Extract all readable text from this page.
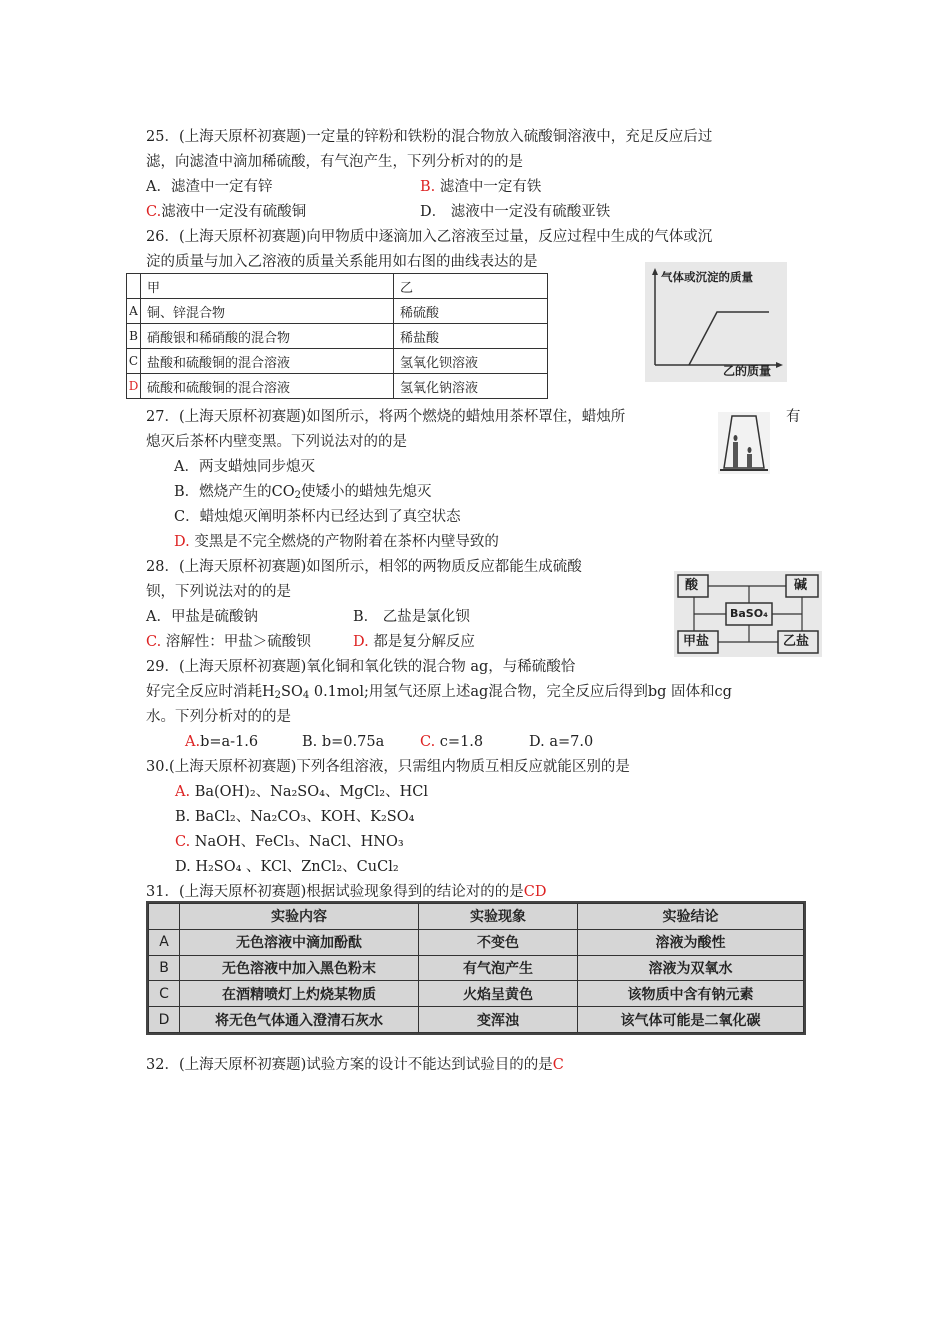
25．(上海天原杯初赛题)一定量的锌粉和铁粉的混合物放入硫酸铜溶液中，充足反应后过
滤，向滤渣中滴加稀硫酸，有气泡产生，下列分析对的的是
A．滤渣中一定有锌	B. 滤渣中一定有铁
C.滤液中一定没有硫酸铜	D． 滤液中一定没有硫酸亚铁
26．(上海天原杯初赛题)向甲物质中逐滴加入乙溶液至过量，反应过程中生成的气体或沉
淀的质量与加入乙溶液的质量关系能用如右图的曲线表达的是
	甲	乙
A	铜、锌混合物	稀硫酸
B	硝酸银和稀硝酸的混合物	稀盐酸
C	盐酸和硫酸铜的混合溶液	氢氧化钡溶液
D	硫酸和硫酸铜的混合溶液	氢氧化钠溶液
气体或沉淀的质量
乙的质量
27．(上海天原杯初赛题)如图所示，将两个燃烧的蜡烛用茶杯罩住，蜡烛所	有
熄灭后茶杯内壁变黑。下列说法对的的是
A．两支蜡烛同步熄灭
B．燃烧产生的$CO_2$使矮小的蜡烛先熄灭
C．蜡烛熄灭阐明茶杯内已经达到了真空状态
D. 变黑是不完全燃烧的产物附着在茶杯内壁导致的
28．(上海天原杯初赛题)如图所示，相邻的两物质反应都能生成硫酸
钡，下列说法对的的是
A．甲盐是硫酸钠	B． 乙盐是氯化钡
C. 溶解性：甲盐＞硫酸钡	D. 都是复分解反应
酸	碱
BaSO₄
甲盐	乙盐
29．(上海天原杯初赛题)氧化铜和氧化铁的混合物 ag，与稀硫酸恰
好完全反应时消耗$H_2SO_4$ 0.1mol;用氢气还原上述ag混合物，完全反应后得到bg 固体和cg
水。下列分析对的的是
A.b=a-1.6	B. b=0.75a C. c=1.8	D. a=7.0
30.(上海天原杯初赛题)下列各组溶液，只需组内物质互相反应就能区别的是
A. Ba(OH)₂、Na₂SO₄、MgCl₂、HCl
B. BaCl₂、Na₂CO₃、KOH、K₂SO₄
C. NaOH、FeCl₃、NaCl、HNO₃
D. H₂SO₄ 、KCl、ZnCl₂、CuCl₂
31．(上海天原杯初赛题)根据试验现象得到的结论对的的是CD
	实验内容	实验现象	实验结论
A	无色溶液中滴加酚酞	不变色	溶液为酸性
B	无色溶液中加入黑色粉末	有气泡产生	溶液为双氧水
C	在酒精喷灯上灼烧某物质	火焰呈黄色	该物质中含有钠元素
D	将无色气体通入澄清石灰水	变浑浊	该气体可能是二氧化碳
32．(上海天原杯初赛题)试验方案的设计不能达到试验目的的是C
